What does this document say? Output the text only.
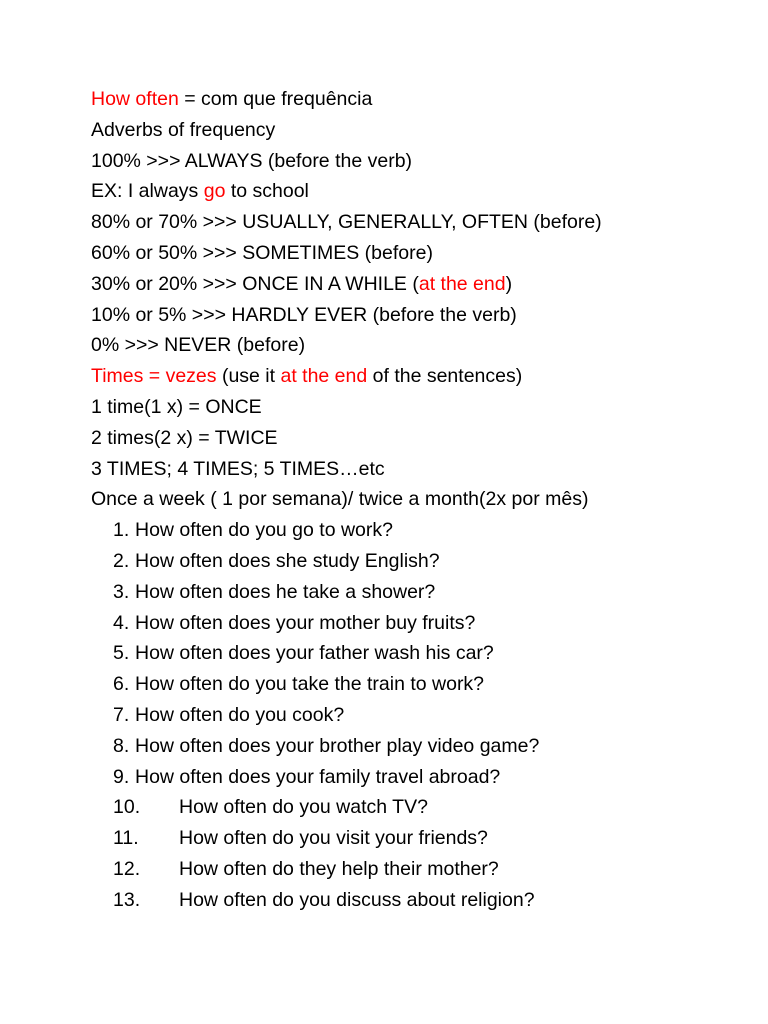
How often = com que frequência
Adverbs of frequency
100% >>> ALWAYS (before the verb)
EX: I always go to school
80% or 70% >>> USUALLY, GENERALLY, OFTEN (before)
60% or 50% >>> SOMETIMES (before)
30% or 20% >>> ONCE IN A WHILE (at the end)
10% or 5% >>> HARDLY EVER (before the verb)
0% >>> NEVER (before)
Times = vezes (use it at the end of the sentences)
1 time(1 x) = ONCE
2 times(2 x) = TWICE
3 TIMES; 4 TIMES; 5 TIMES…etc
Once a week ( 1 por semana)/ twice a month(2x por mês)
1. How often do you go to work?
2. How often does she study English?
3. How often does he take a shower?
4. How often does your mother buy fruits?
5. How often does your father wash his car?
6. How often do you take the train to work?
7. How often do you cook?
8. How often does your brother play video game?
9. How often does your family travel abroad?
10. How often do you watch TV?
11. How often do you visit your friends?
12. How often do they help their mother?
13. How often do you discuss about religion?
